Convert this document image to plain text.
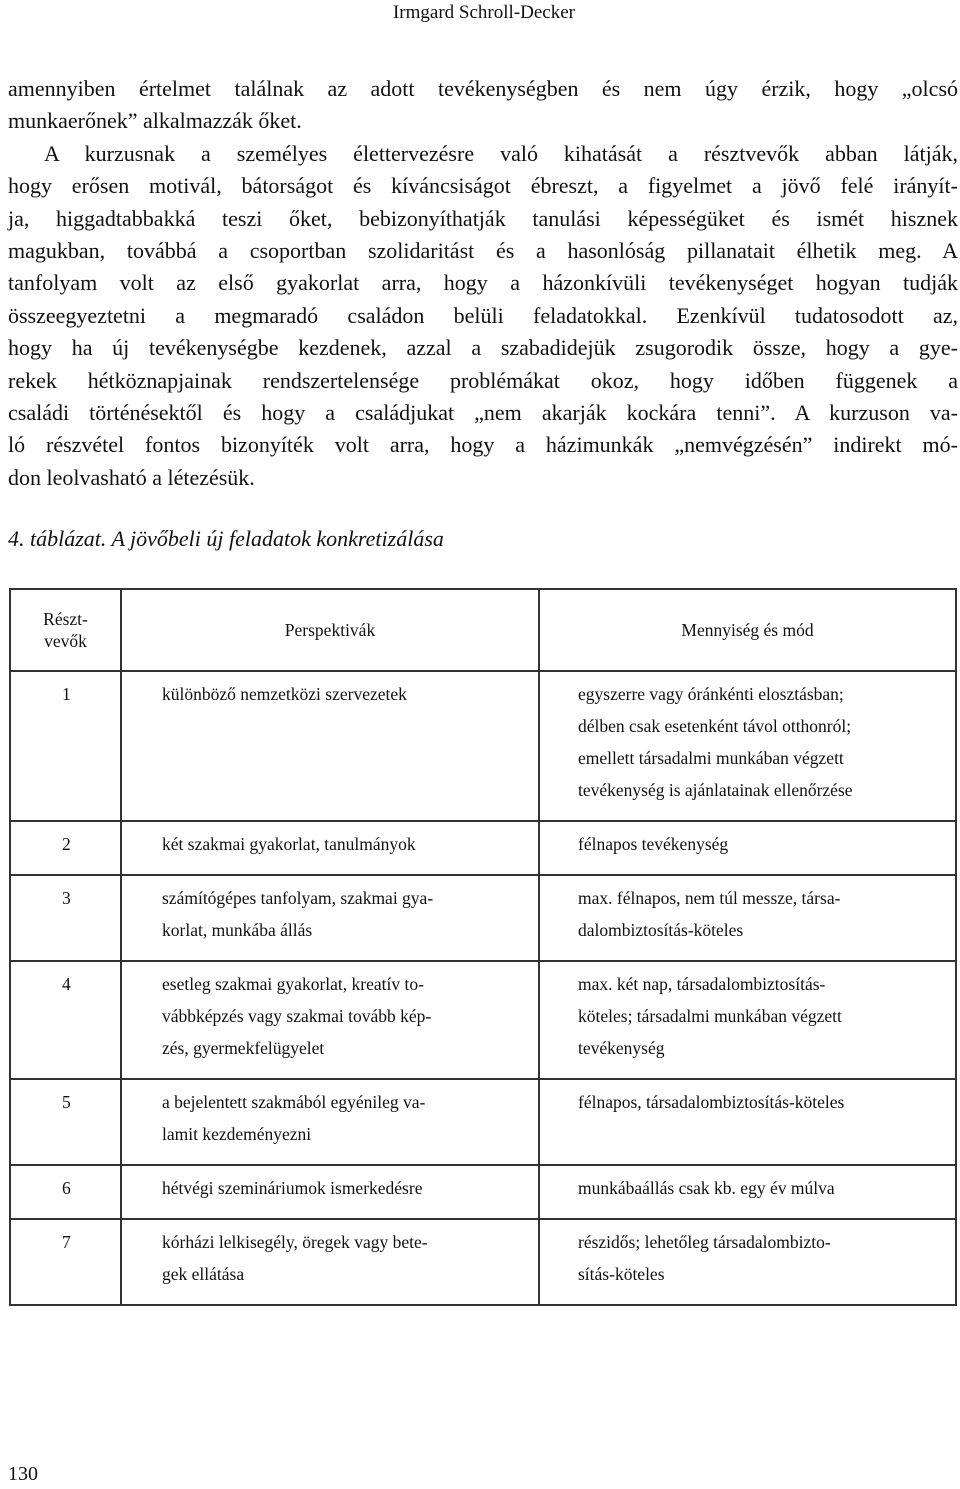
Irmgard Schroll-Decker
amennyiben értelmet találnak az adott tevékenységben és nem úgy érzik, hogy „olcsó
munkaerőnek” alkalmazzák őket.
A kurzusnak a személyes élettervezésre való kihatását a résztvevők abban látják,
hogy erősen motivál, bátorságot és kíváncsiságot ébreszt, a figyelmet a jövő felé irányít-
ja, higgadtabbakká teszi őket, bebizonyíthatják tanulási képességüket és ismét hisznek
magukban, továbbá a csoportban szolidaritást és a hasonlóság pillanatait élhetik meg. A
tanfolyam volt az első gyakorlat arra, hogy a házonkívüli tevékenységet hogyan tudják
összeegyeztetni a megmaradó családon belüli feladatokkal. Ezenkívül tudatosodott az,
hogy ha új tevékenységbe kezdenek, azzal a szabadidejük zsugorodik össze, hogy a gye-
rekek hétköznapjainak rendszertelensége problémákat okoz, hogy időben függenek a
családi történésektől és hogy a családjukat „nem akarják kockára tenni”. A kurzuson va-
ló részvétel fontos bizonyíték volt arra, hogy a házimunkák „nemvégzésén” indirekt mó-
don leolvasható a létezésük.
4. táblázat. A jövőbeli új feladatok konkretizálása
Részt-
vevők	Perspektivák	Mennyiség és mód
1	különböző nemzetközi szervezetek	egyszerre vagy óránkénti elosztásban;
délben csak esetenként távol otthonról;
emellett társadalmi munkában végzett
tevékenység is ajánlatainak ellenőrzése

2	két szakmai gyakorlat, tanulmányok	félnapos tevékenység

3	számítógépes tanfolyam, szakmai gya-
korlat, munkába állás	max. félnapos, nem túl messze, társa-
dalombiztosítás-köteles

4	esetleg szakmai gyakorlat, kreatív to-
vábbképzés vagy szakmai tovább kép-
zés, gyermekfelügyelet	max. két nap, társadalombiztosítás-
köteles; társadalmi munkában végzett
tevékenység

5	a bejelentett szakmából egyénileg va-
lamit kezdeményezni	félnapos, társadalombiztosítás-köteles

6	hétvégi szemináriumok ismerkedésre	munkábaállás csak kb. egy év múlva

7	kórházi lelkisegély, öregek vagy bete-
gek ellátása	részidős; lehetőleg társadalombizto-
sítás-köteles
130
